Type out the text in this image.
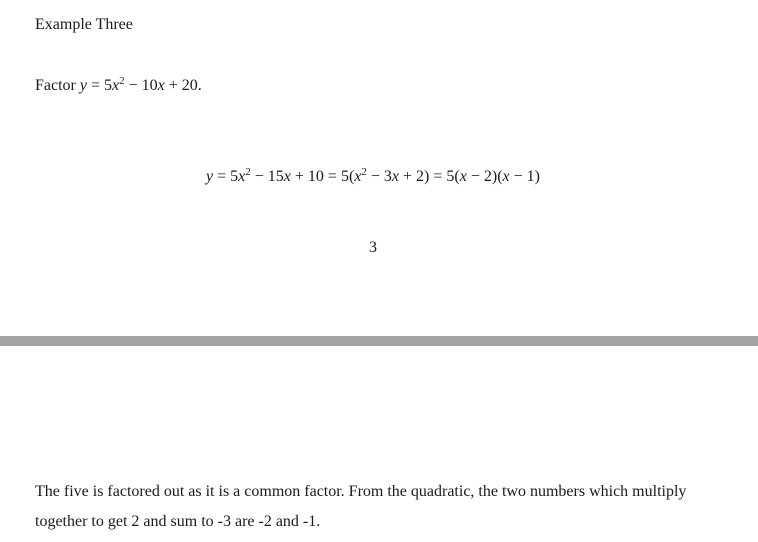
Example Three
Factor $y = 5x^2 - 10x + 20$.
$y = 5x^2 - 15x + 10 = 5(x^2 - 3x + 2) = 5(x - 2)(x - 1)$
3

The five is factored out as it is a common factor. From the quadratic, the two numbers which multiply together to get 2 and sum to -3 are -2 and -1.
